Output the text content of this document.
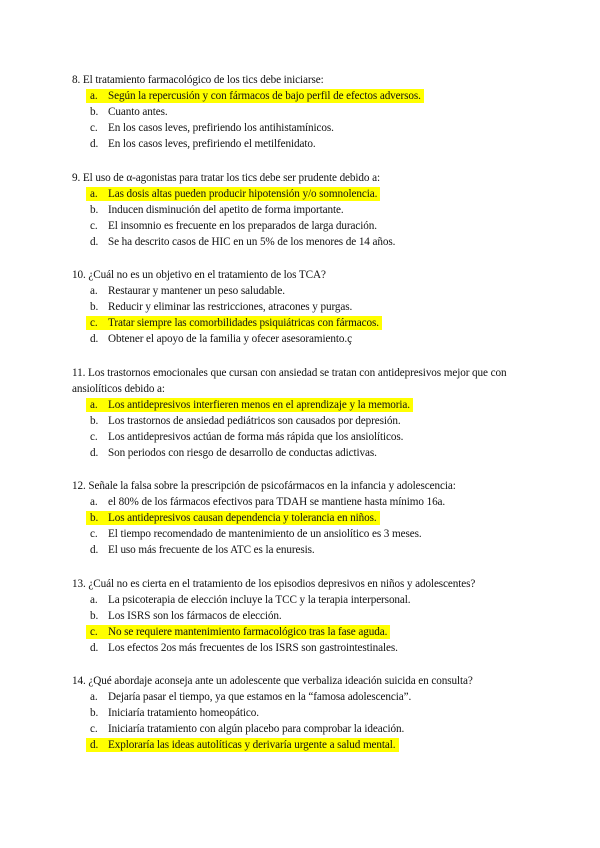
8. El tratamiento farmacológico de los tics debe iniciarse:
a. Según la repercusión y con fármacos de bajo perfil de efectos adversos.
b. Cuanto antes.
c. En los casos leves, prefiriendo los antihistamínicos.
d. En los casos leves, prefiriendo el metilfenidato.
9. El uso de α-agonistas para tratar los tics debe ser prudente debido a:
a. Las dosis altas pueden producir hipotensión y/o somnolencia.
b. Inducen disminución del apetito de forma importante.
c. El insomnio es frecuente en los preparados de larga duración.
d. Se ha descrito casos de HIC en un 5% de los menores de 14 años.
10. ¿Cuál no es un objetivo en el tratamiento de los TCA?
a. Restaurar y mantener un peso saludable.
b. Reducir y eliminar las restricciones, atracones y purgas.
c. Tratar siempre las comorbilidades psiquiátricas con fármacos.
d. Obtener el apoyo de la familia y ofecer asesoramiento.ç
11. Los trastornos emocionales que cursan con ansiedad se tratan con antidepresivos mejor que con ansiolíticos debido a:
a. Los antidepresivos interfieren menos en el aprendizaje y la memoria.
b. Los trastornos de ansiedad pediátricos son causados por depresión.
c. Los antidepresivos actúan de forma más rápida que los ansiolíticos.
d. Son periodos con riesgo de desarrollo de conductas adictivas.
12. Señale la falsa sobre la prescripción de psicofármacos en la infancia y adolescencia:
a. el 80% de los fármacos efectivos para TDAH se mantiene hasta mínimo 16a.
b. Los antidepresivos causan dependencia y tolerancia en niños.
c. El tiempo recomendado de mantenimiento de un ansiolítico es 3 meses.
d. El uso más frecuente de los ATC es la enuresis.
13. ¿Cuál no es cierta en el tratamiento de los episodios depresivos en niños y adolescentes?
a. La psicoterapia de elección incluye la TCC y la terapia interpersonal.
b. Los ISRS son los fármacos de elección.
c. No se requiere mantenimiento farmacológico tras la fase aguda.
d. Los efectos 2os más frecuentes de los ISRS son gastrointestinales.
14. ¿Qué abordaje aconseja ante un adolescente que verbaliza ideación suicida en consulta?
a. Dejaría pasar el tiempo, ya que estamos en la “famosa adolescencia”.
b. Iniciaría tratamiento homeopático.
c. Iniciaría tratamiento con algún placebo para comprobar la ideación.
d. Exploraría las ideas autolíticas y derivaría urgente a salud mental.
